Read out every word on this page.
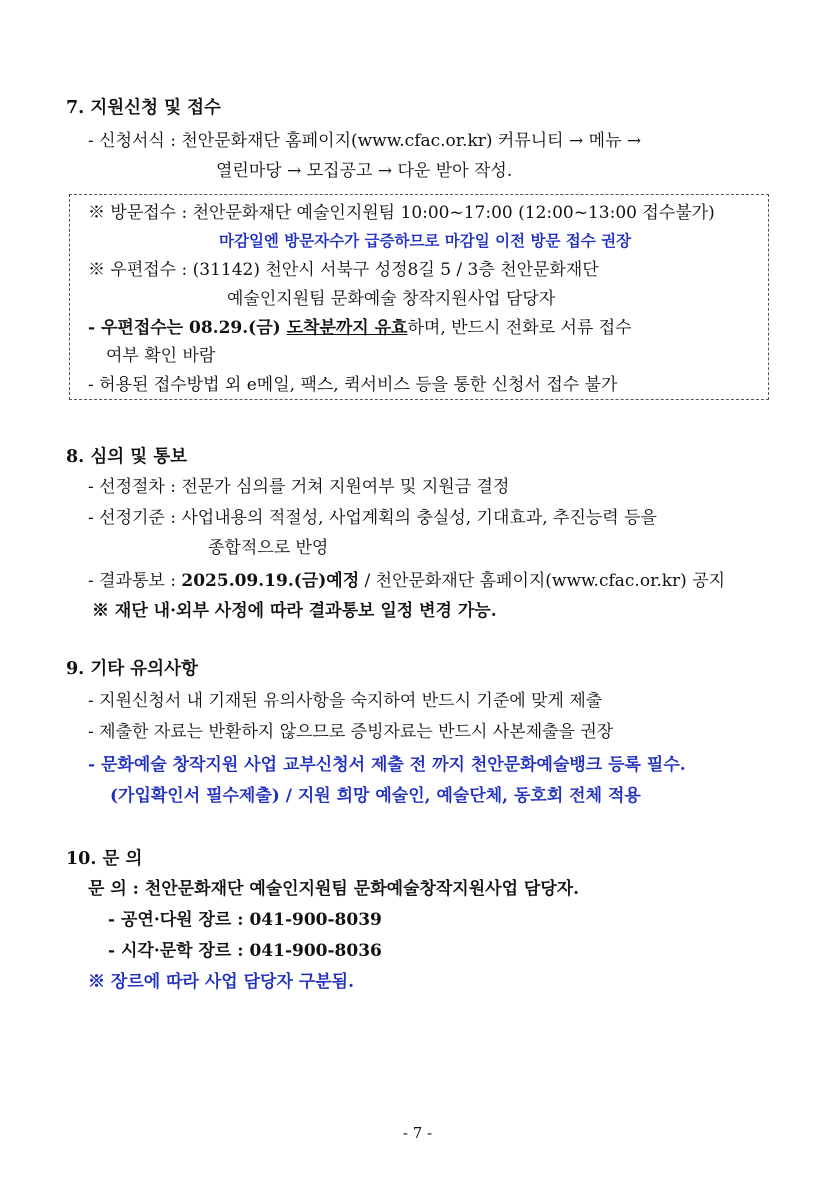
7. 지원신청 및 접수
- 신청서식 : 천안문화재단 홈페이지(www.cfac.or.kr) 커뮤니티 → 메뉴 →
열린마당 → 모집공고 → 다운 받아 작성.
※ 방문접수 : 천안문화재단 예술인지원팀 10:00~17:00 (12:00~13:00 접수불가)
마감일엔 방문자수가 급증하므로 마감일 이전 방문 접수 권장
※ 우편접수 : (31142) 천안시 서북구 성정8길 5 / 3층 천안문화재단
예술인지원팀 문화예술 창작지원사업 담당자
- 우편접수는 08.29.(금) 도착분까지 유효하며, 반드시 전화로 서류 접수
여부 확인 바람
- 허용된 접수방법 외 e메일, 팩스, 퀵서비스 등을 통한 신청서 접수 불가
8. 심의 및 통보
- 선정절차 : 전문가 심의를 거쳐 지원여부 및 지원금 결정
- 선정기준 : 사업내용의 적절성, 사업계획의 충실성, 기대효과, 추진능력 등을
종합적으로 반영
- 결과통보 : 2025.09.19.(금)예정 / 천안문화재단 홈페이지(www.cfac.or.kr) 공지
※ 재단 내·외부 사정에 따라 결과통보 일정 변경 가능.
9. 기타 유의사항
- 지원신청서 내 기재된 유의사항을 숙지하여 반드시 기준에 맞게 제출
- 제출한 자료는 반환하지 않으므로 증빙자료는 반드시 사본제출을 권장
- 문화예술 창작지원 사업 교부신청서 제출 전 까지 천안문화예술뱅크 등록 필수.
(가입확인서 필수제출) / 지원 희망 예술인, 예술단체, 동호회 전체 적용
10. 문 의
문 의 : 천안문화재단 예술인지원팀 문화예술창작지원사업 담당자.
- 공연·다원 장르 : 041-900-8039
- 시각·문학 장르 : 041-900-8036
※ 장르에 따라 사업 담당자 구분됨.
- 7 -
